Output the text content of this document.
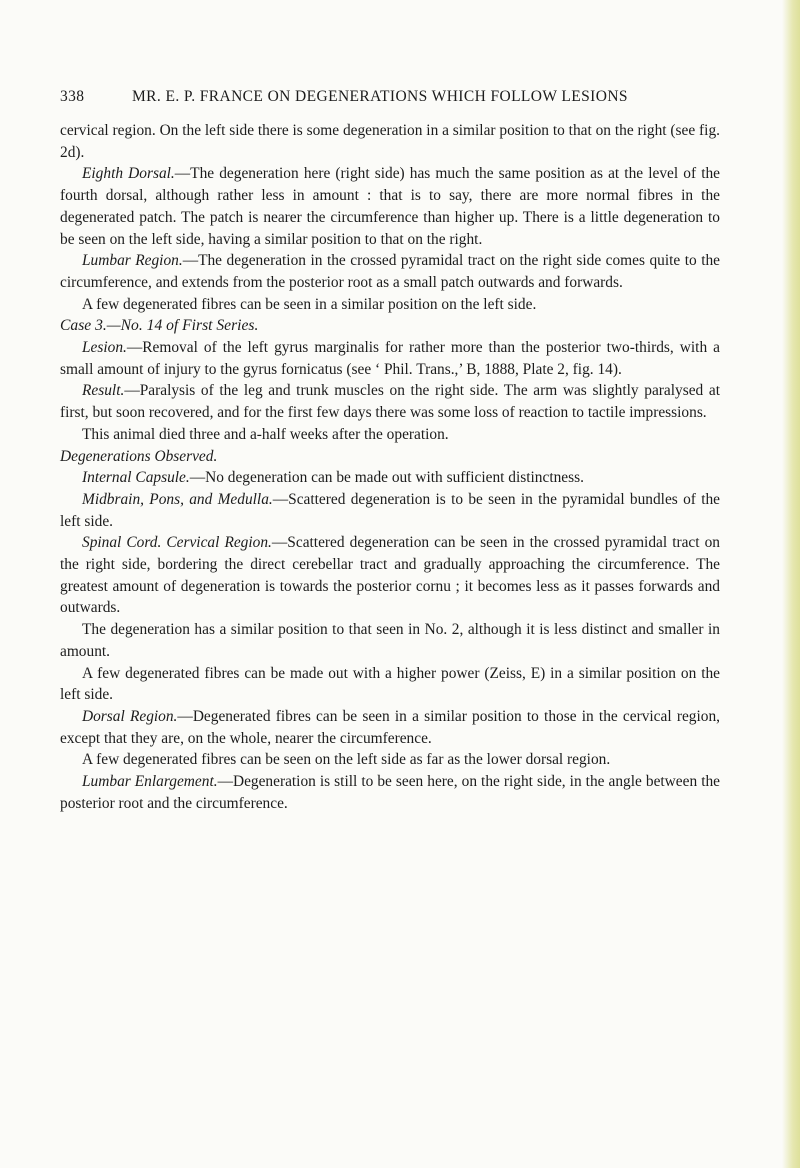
338	MR. E. P. FRANCE ON DEGENERATIONS WHICH FOLLOW LESIONS

cervical region. On the left side there is some degeneration in a similar position to that on the right (see fig. 2d).

Eighth Dorsal.—The degeneration here (right side) has much the same position as at the level of the fourth dorsal, although rather less in amount : that is to say, there are more normal fibres in the degenerated patch. The patch is nearer the circumference than higher up. There is a little degeneration to be seen on the left side, having a similar position to that on the right.

Lumbar Region.—The degeneration in the crossed pyramidal tract on the right side comes quite to the circumference, and extends from the posterior root as a small patch outwards and forwards.

A few degenerated fibres can be seen in a similar position on the left side.

Case 3.—No. 14 of First Series.

Lesion.—Removal of the left gyrus marginalis for rather more than the posterior two-thirds, with a small amount of injury to the gyrus fornicatus (see ‘ Phil. Trans.,’ B, 1888, Plate 2, fig. 14).

Result.—Paralysis of the leg and trunk muscles on the right side. The arm was slightly paralysed at first, but soon recovered, and for the first few days there was some loss of reaction to tactile impressions.

This animal died three and a-half weeks after the operation.

Degenerations Observed.

Internal Capsule.—No degeneration can be made out with sufficient distinctness.

Midbrain, Pons, and Medulla.—Scattered degeneration is to be seen in the pyramidal bundles of the left side.

Spinal Cord. Cervical Region.—Scattered degeneration can be seen in the crossed pyramidal tract on the right side, bordering the direct cerebellar tract and gradually approaching the circumference. The greatest amount of degeneration is towards the posterior cornu ; it becomes less as it passes forwards and outwards.

The degeneration has a similar position to that seen in No. 2, although it is less distinct and smaller in amount.

A few degenerated fibres can be made out with a higher power (Zeiss, E) in a similar position on the left side.

Dorsal Region.—Degenerated fibres can be seen in a similar position to those in the cervical region, except that they are, on the whole, nearer the circumference.

A few degenerated fibres can be seen on the left side as far as the lower dorsal region.

Lumbar Enlargement.—Degeneration is still to be seen here, on the right side, in the angle between the posterior root and the circumference.
